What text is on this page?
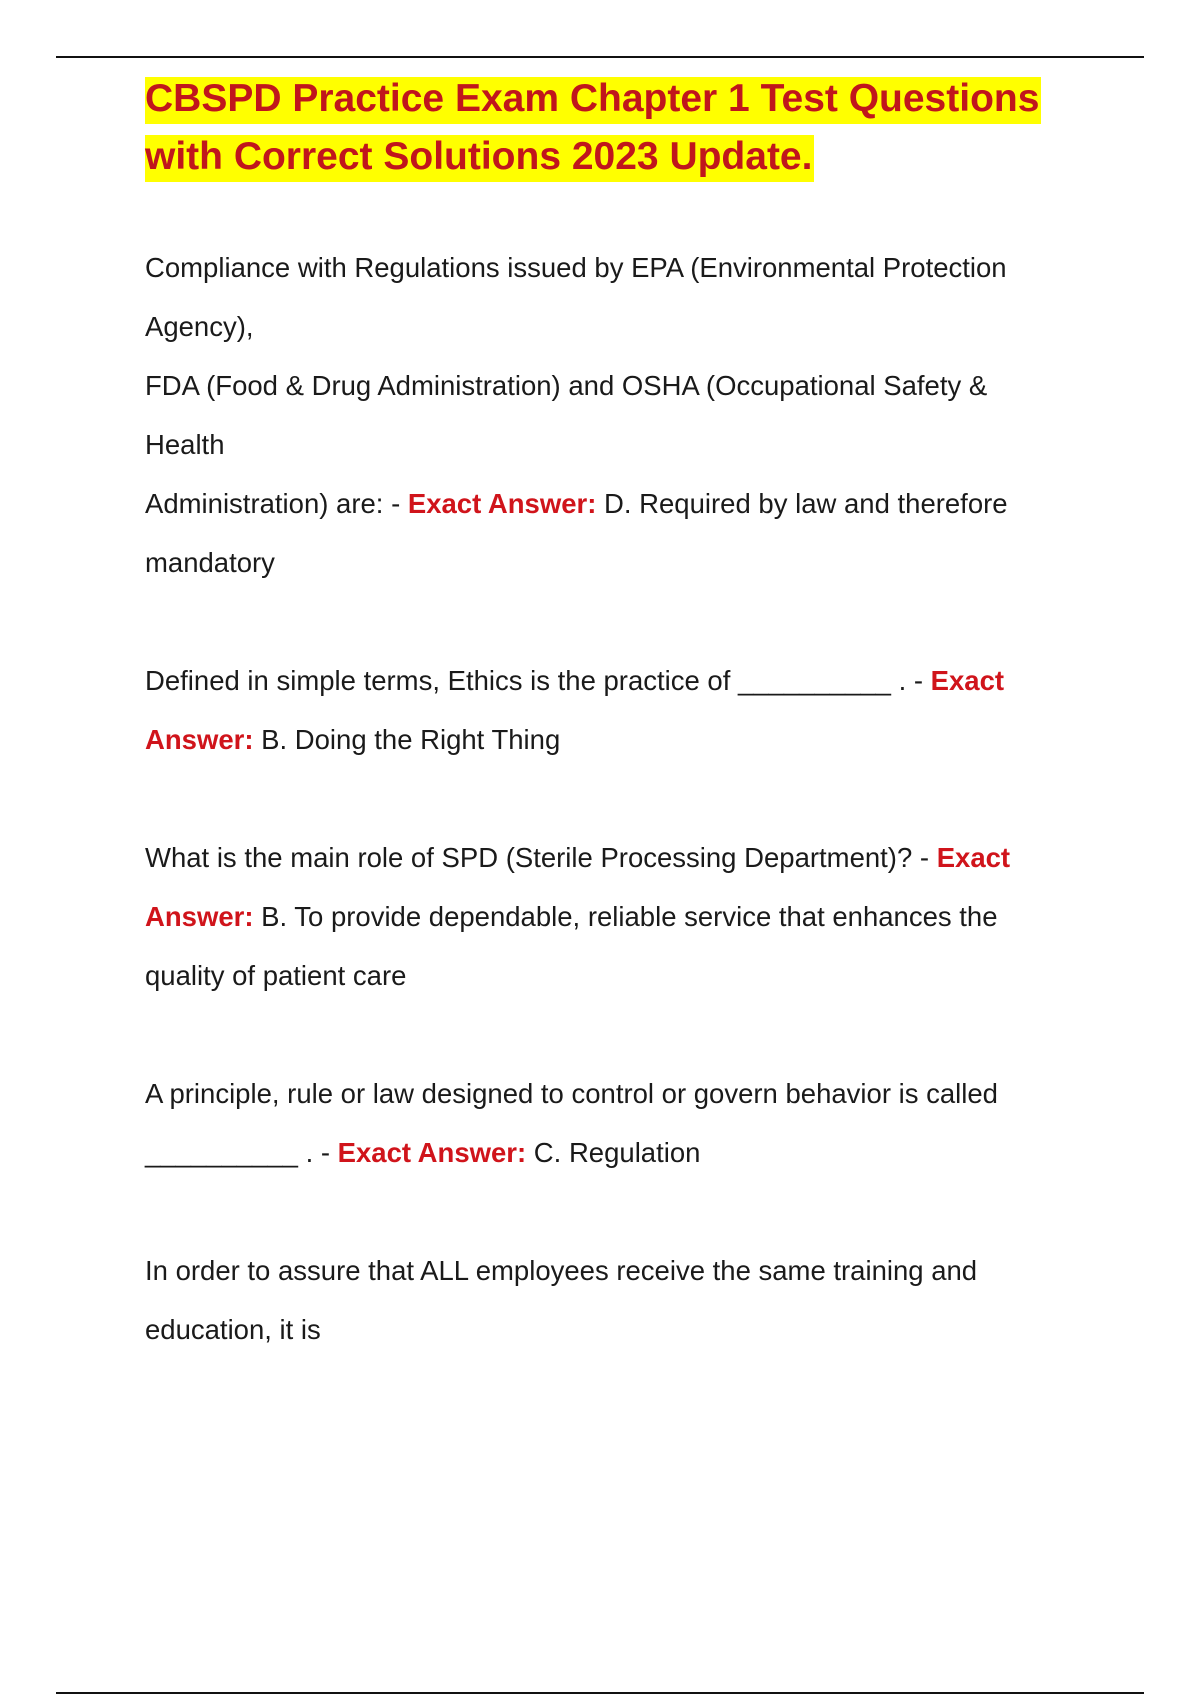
CBSPD Practice Exam Chapter 1 Test Questions
with Correct Solutions 2023 Update.

Compliance with Regulations issued by EPA (Environmental Protection
Agency),
FDA (Food & Drug Administration) and OSHA (Occupational Safety &
Health
Administration) are: - Exact Answer: D. Required by law and therefore
mandatory

Defined in simple terms, Ethics is the practice of __________ . - Exact
Answer: B. Doing the Right Thing

What is the main role of SPD (Sterile Processing Department)? - Exact
Answer: B. To provide dependable, reliable service that enhances the
quality of patient care

A principle, rule or law designed to control or govern behavior is called
__________ . - Exact Answer: C. Regulation

In order to assure that ALL employees receive the same training and
education, it is
